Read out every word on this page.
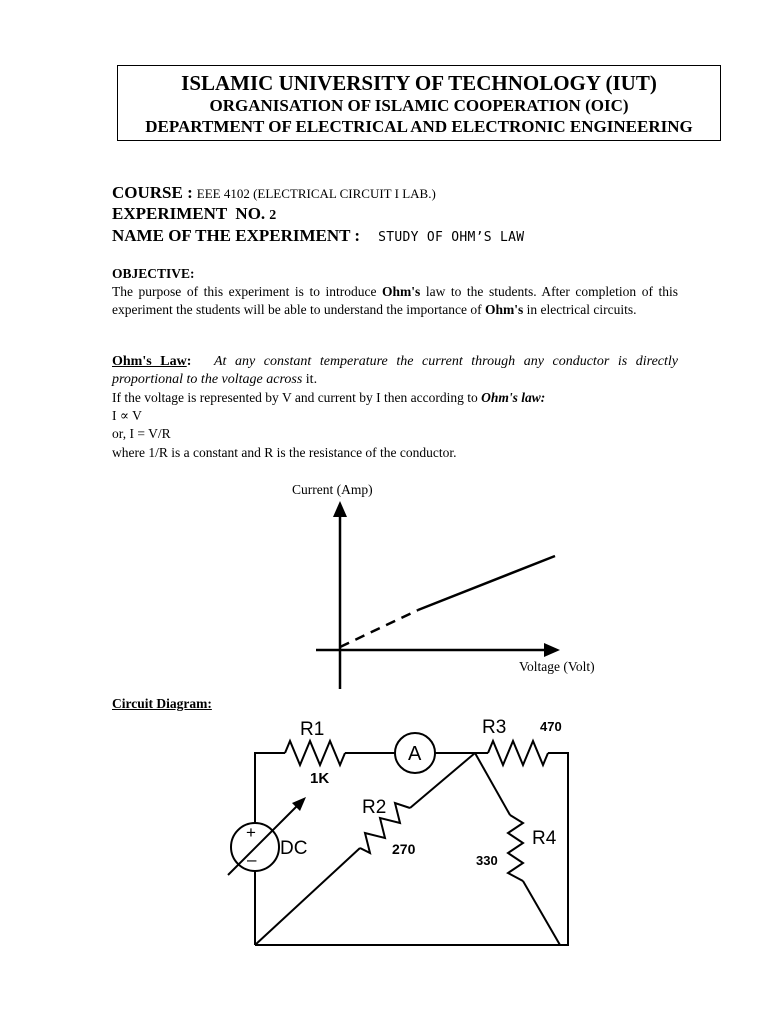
ISLAMIC UNIVERSITY OF TECHNOLOGY (IUT)
ORGANISATION OF ISLAMIC COOPERATION (OIC)
DEPARTMENT OF ELECTRICAL AND ELECTRONIC ENGINEERING
COURSE : EEE 4102 (ELECTRICAL CIRCUIT I LAB.)
EXPERIMENT  NO. 2
NAME OF THE EXPERIMENT : STUDY OF OHM’S LAW
OBJECTIVE:
The purpose of this experiment is to introduce Ohm's law to the students. After completion of this experiment the students will be able to understand the importance of Ohm's in electrical circuits.
Ohm's Law: At any constant temperature the current through any conductor is directly proportional to the voltage across it.
If the voltage is represented by V and current by I then according to Ohm's law:
I ∝ V
or, I = V/R
where 1/R is a constant and R is the resistance of the conductor.
Current (Amp)
Voltage (Volt)
Circuit Diagram:
A
R1
1K
R3	470
R2
270	R4
330
DC
+
–
